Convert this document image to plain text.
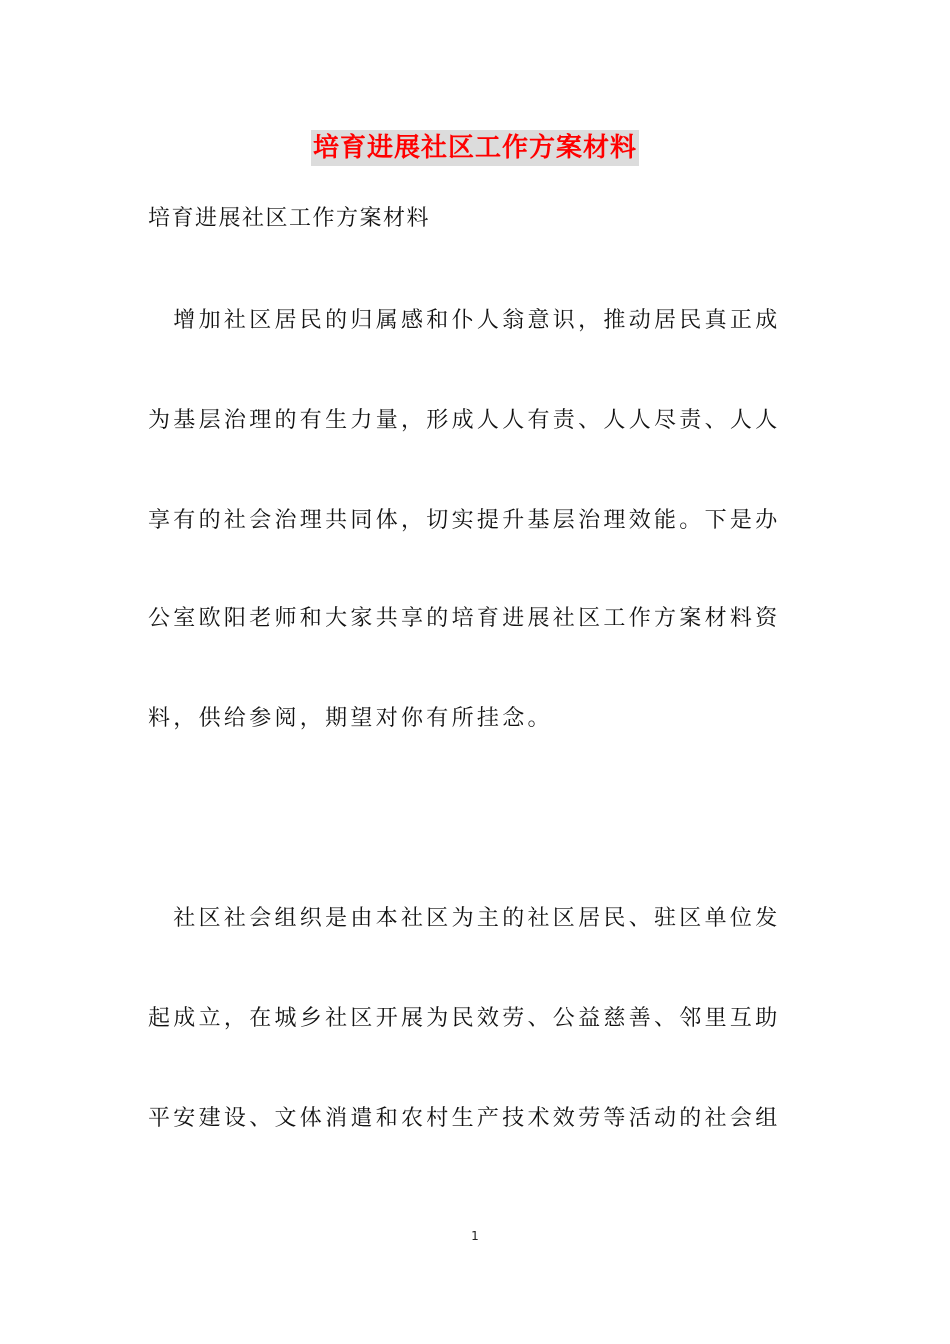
培育进展社区工作方案材料
培育进展社区工作方案材料
　增加社区居民的归属感和仆人翁意识，推动居民真正成
为基层治理的有生力量，形成人人有责、人人尽责、人人
享有的社会治理共同体，切实提升基层治理效能。下是办
公室欧阳老师和大家共享的培育进展社区工作方案材料资
料，供给参阅，期望对你有所挂念。
　社区社会组织是由本社区为主的社区居民、驻区单位发
起成立，在城乡社区开展为民效劳、公益慈善、邻里互助
平安建设、文体消遣和农村生产技术效劳等活动的社会组
1
